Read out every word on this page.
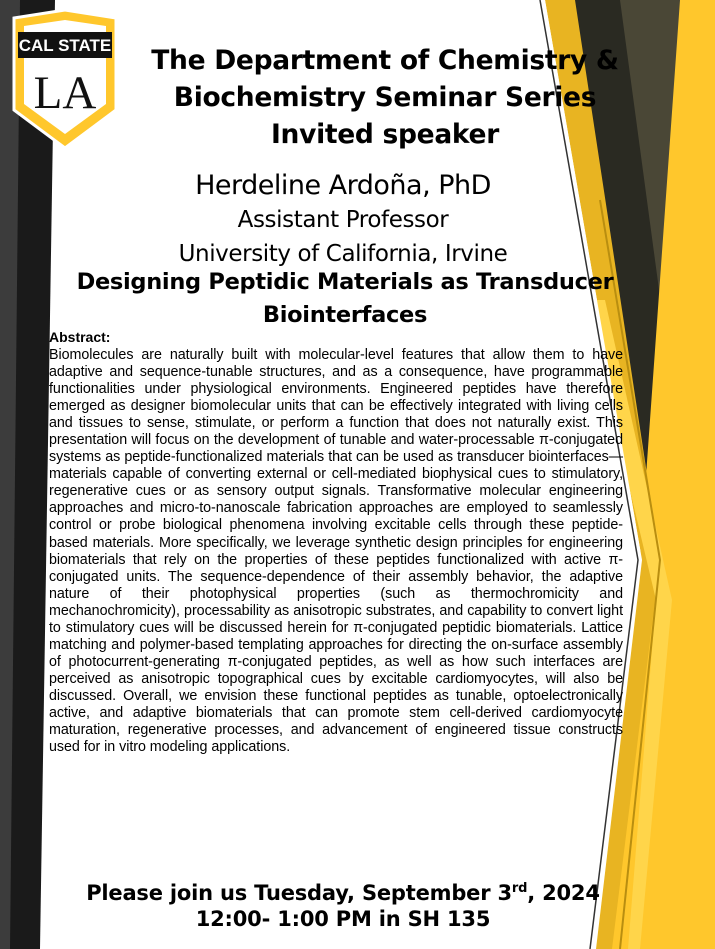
CAL STATE
LA
The Department of Chemistry &
Biochemistry Seminar Series
Invited speaker
Herdeline Ardoña, PhD
Assistant Professor
University of California, Irvine
Designing Peptidic Materials as Transducer
Biointerfaces
Abstract:

Biomolecules are naturally built with molecular-level features that allow them to have adaptive and sequence-tunable structures, and as a consequence, have programmable functionalities under physiological environments. Engineered peptides have therefore emerged as designer biomolecular units that can be effectively integrated with living cells and tissues to sense, stimulate, or perform a function that does not naturally exist. This presentation will focus on the development of tunable and water-processable π-conjugated systems as peptide-functionalized materials that can be used as transducer biointerfaces—materials capable of converting external or cell-mediated biophysical cues to stimulatory, regenerative cues or as sensory output signals. Transformative molecular engineering approaches and micro-to-nanoscale fabrication approaches are employed to seamlessly control or probe biological phenomena involving excitable cells through these peptide-based materials. More specifically, we leverage synthetic design principles for engineering biomaterials that rely on the properties of these peptides functionalized with active π-conjugated units. The sequence-dependence of their assembly behavior, the adaptive nature of their photophysical properties (such as thermochromicity and mechanochromicity), processability as anisotropic substrates, and capability to convert light to stimulatory cues will be discussed herein for π-conjugated peptidic biomaterials. Lattice matching and polymer-based templating approaches for directing the on-surface assembly of photocurrent-generating π-conjugated peptides, as well as how such interfaces are perceived as anisotropic topographical cues by excitable cardiomyocytes, will also be discussed. Overall, we envision these functional peptides as tunable, optoelectronically active, and adaptive biomaterials that can promote stem cell-derived cardiomyocyte maturation, regenerative processes, and advancement of engineered tissue constructs used for in vitro modeling applications.

Please join us Tuesday, September 3rd, 2024
12:00- 1:00 PM in SH 135
